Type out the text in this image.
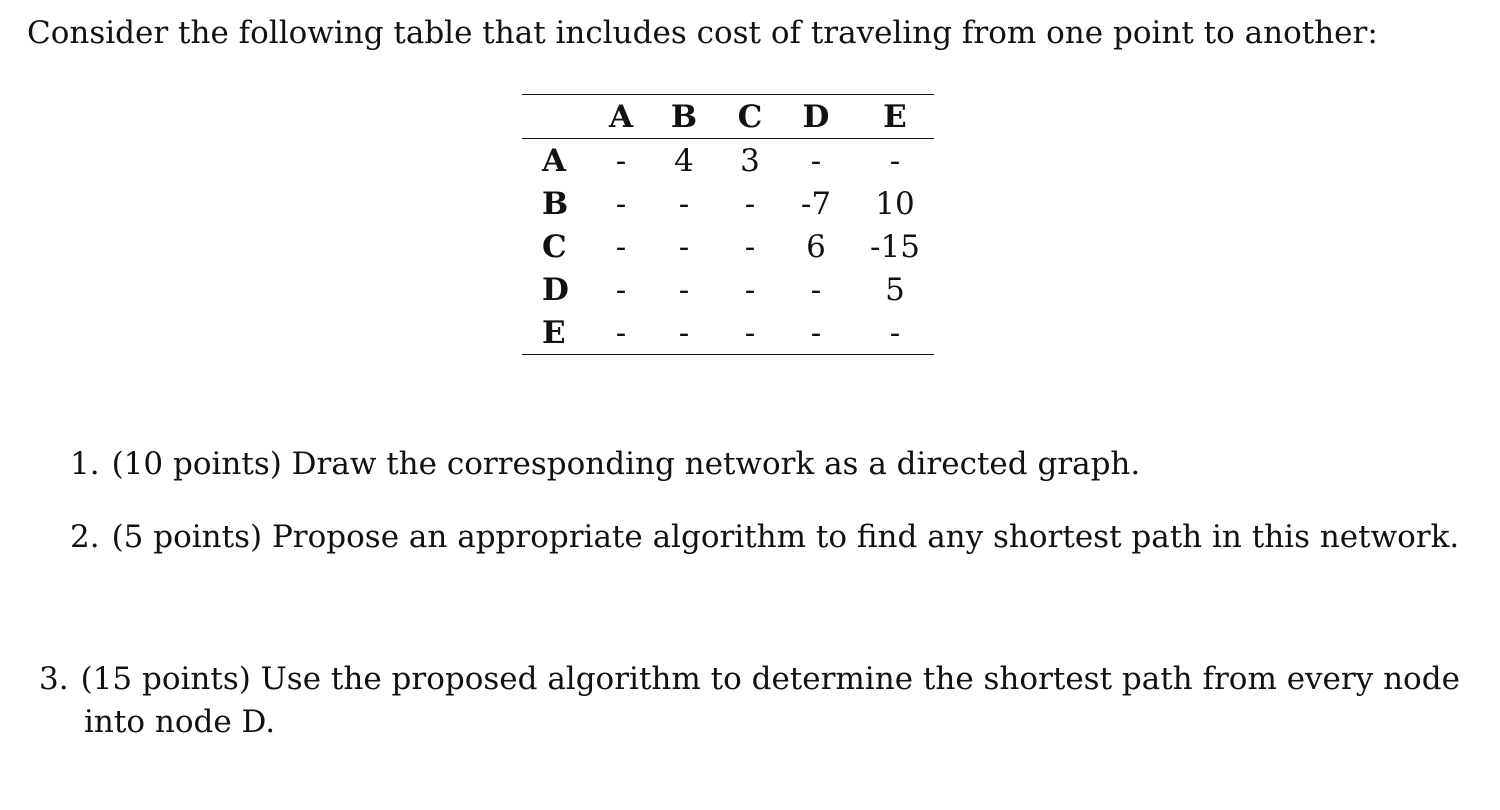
Consider the following table that includes cost of traveling from one point to another:
	A	B	C	D	E
A	-	4	3	-	-
B	-	-	-	-7	10
C	-	-	-	6	-15
D	-	-	-	-	5
E	-	-	-	-	-
1. (10 points) Draw the corresponding network as a directed graph.
2. (5 points) Propose an appropriate algorithm to find any shortest path in this network.
3. (15 points) Use the proposed algorithm to determine the shortest path from every node
into node D.
